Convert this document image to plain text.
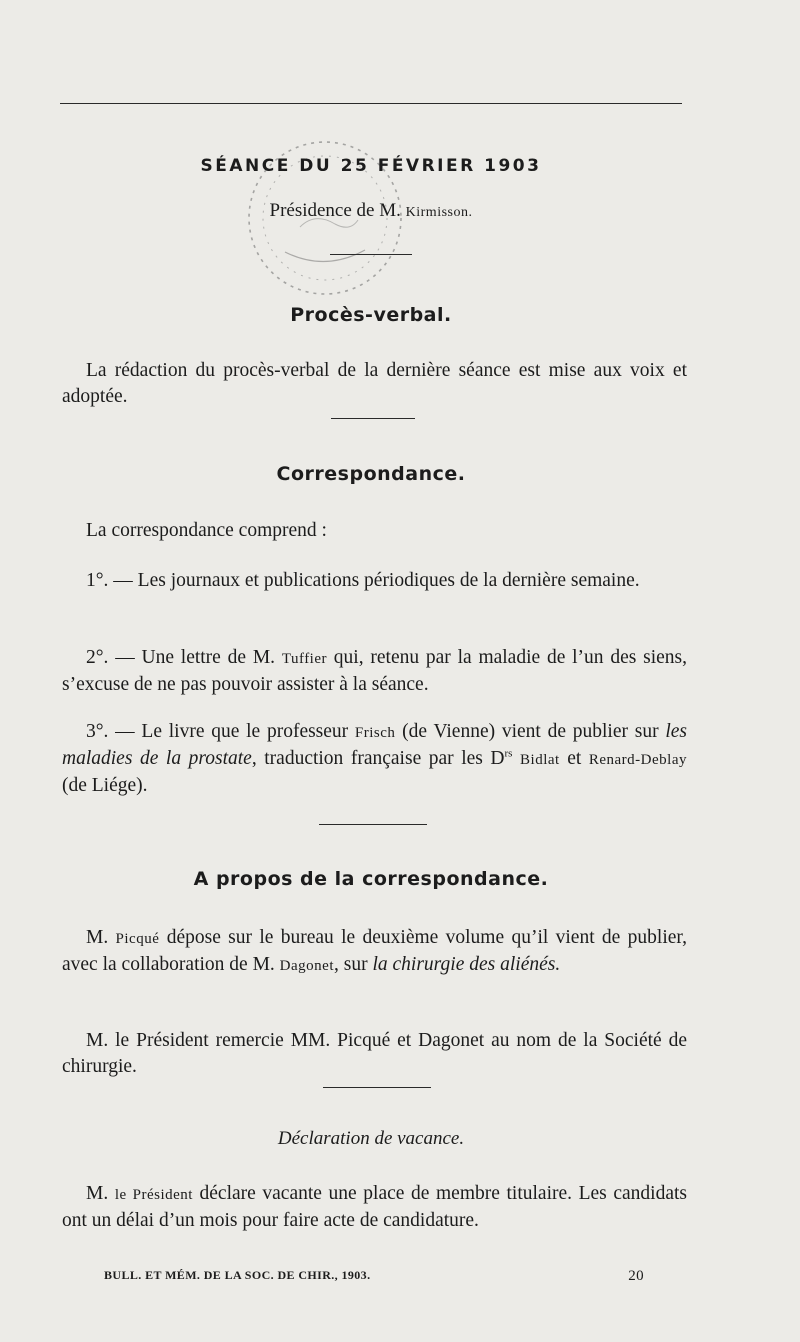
SÉANCE DU 25 FÉVRIER 1903
Présidence de M. Kirmisson.
Procès-verbal.

La rédaction du procès-verbal de la dernière séance est mise aux voix et adoptée.

Correspondance.

La correspondance comprend :

1°. — Les journaux et publications périodiques de la dernière semaine.

2°. — Une lettre de M. Tuffier qui, retenu par la maladie de l’un des siens, s’excuse de ne pas pouvoir assister à la séance.

3°. — Le livre que le professeur Frisch (de Vienne) vient de publier sur les maladies de la prostate, traduction française par les $D^{rs}$ Bidlat et Renard-Deblay (de Liége).

A propos de la correspondance.

M. Picqué dépose sur le bureau le deuxième volume qu’il vient de publier, avec la collaboration de M. Dagonet, sur la chirurgie des aliénés.

M. le Président remercie MM. Picqué et Dagonet au nom de la Société de chirurgie.

Déclaration de vacance.

M. le Président déclare vacante une place de membre titulaire. Les candidats ont un délai d’un mois pour faire acte de candidature.

BULL. ET MÉM. DE LA SOC. DE CHIR., 1903.	20
